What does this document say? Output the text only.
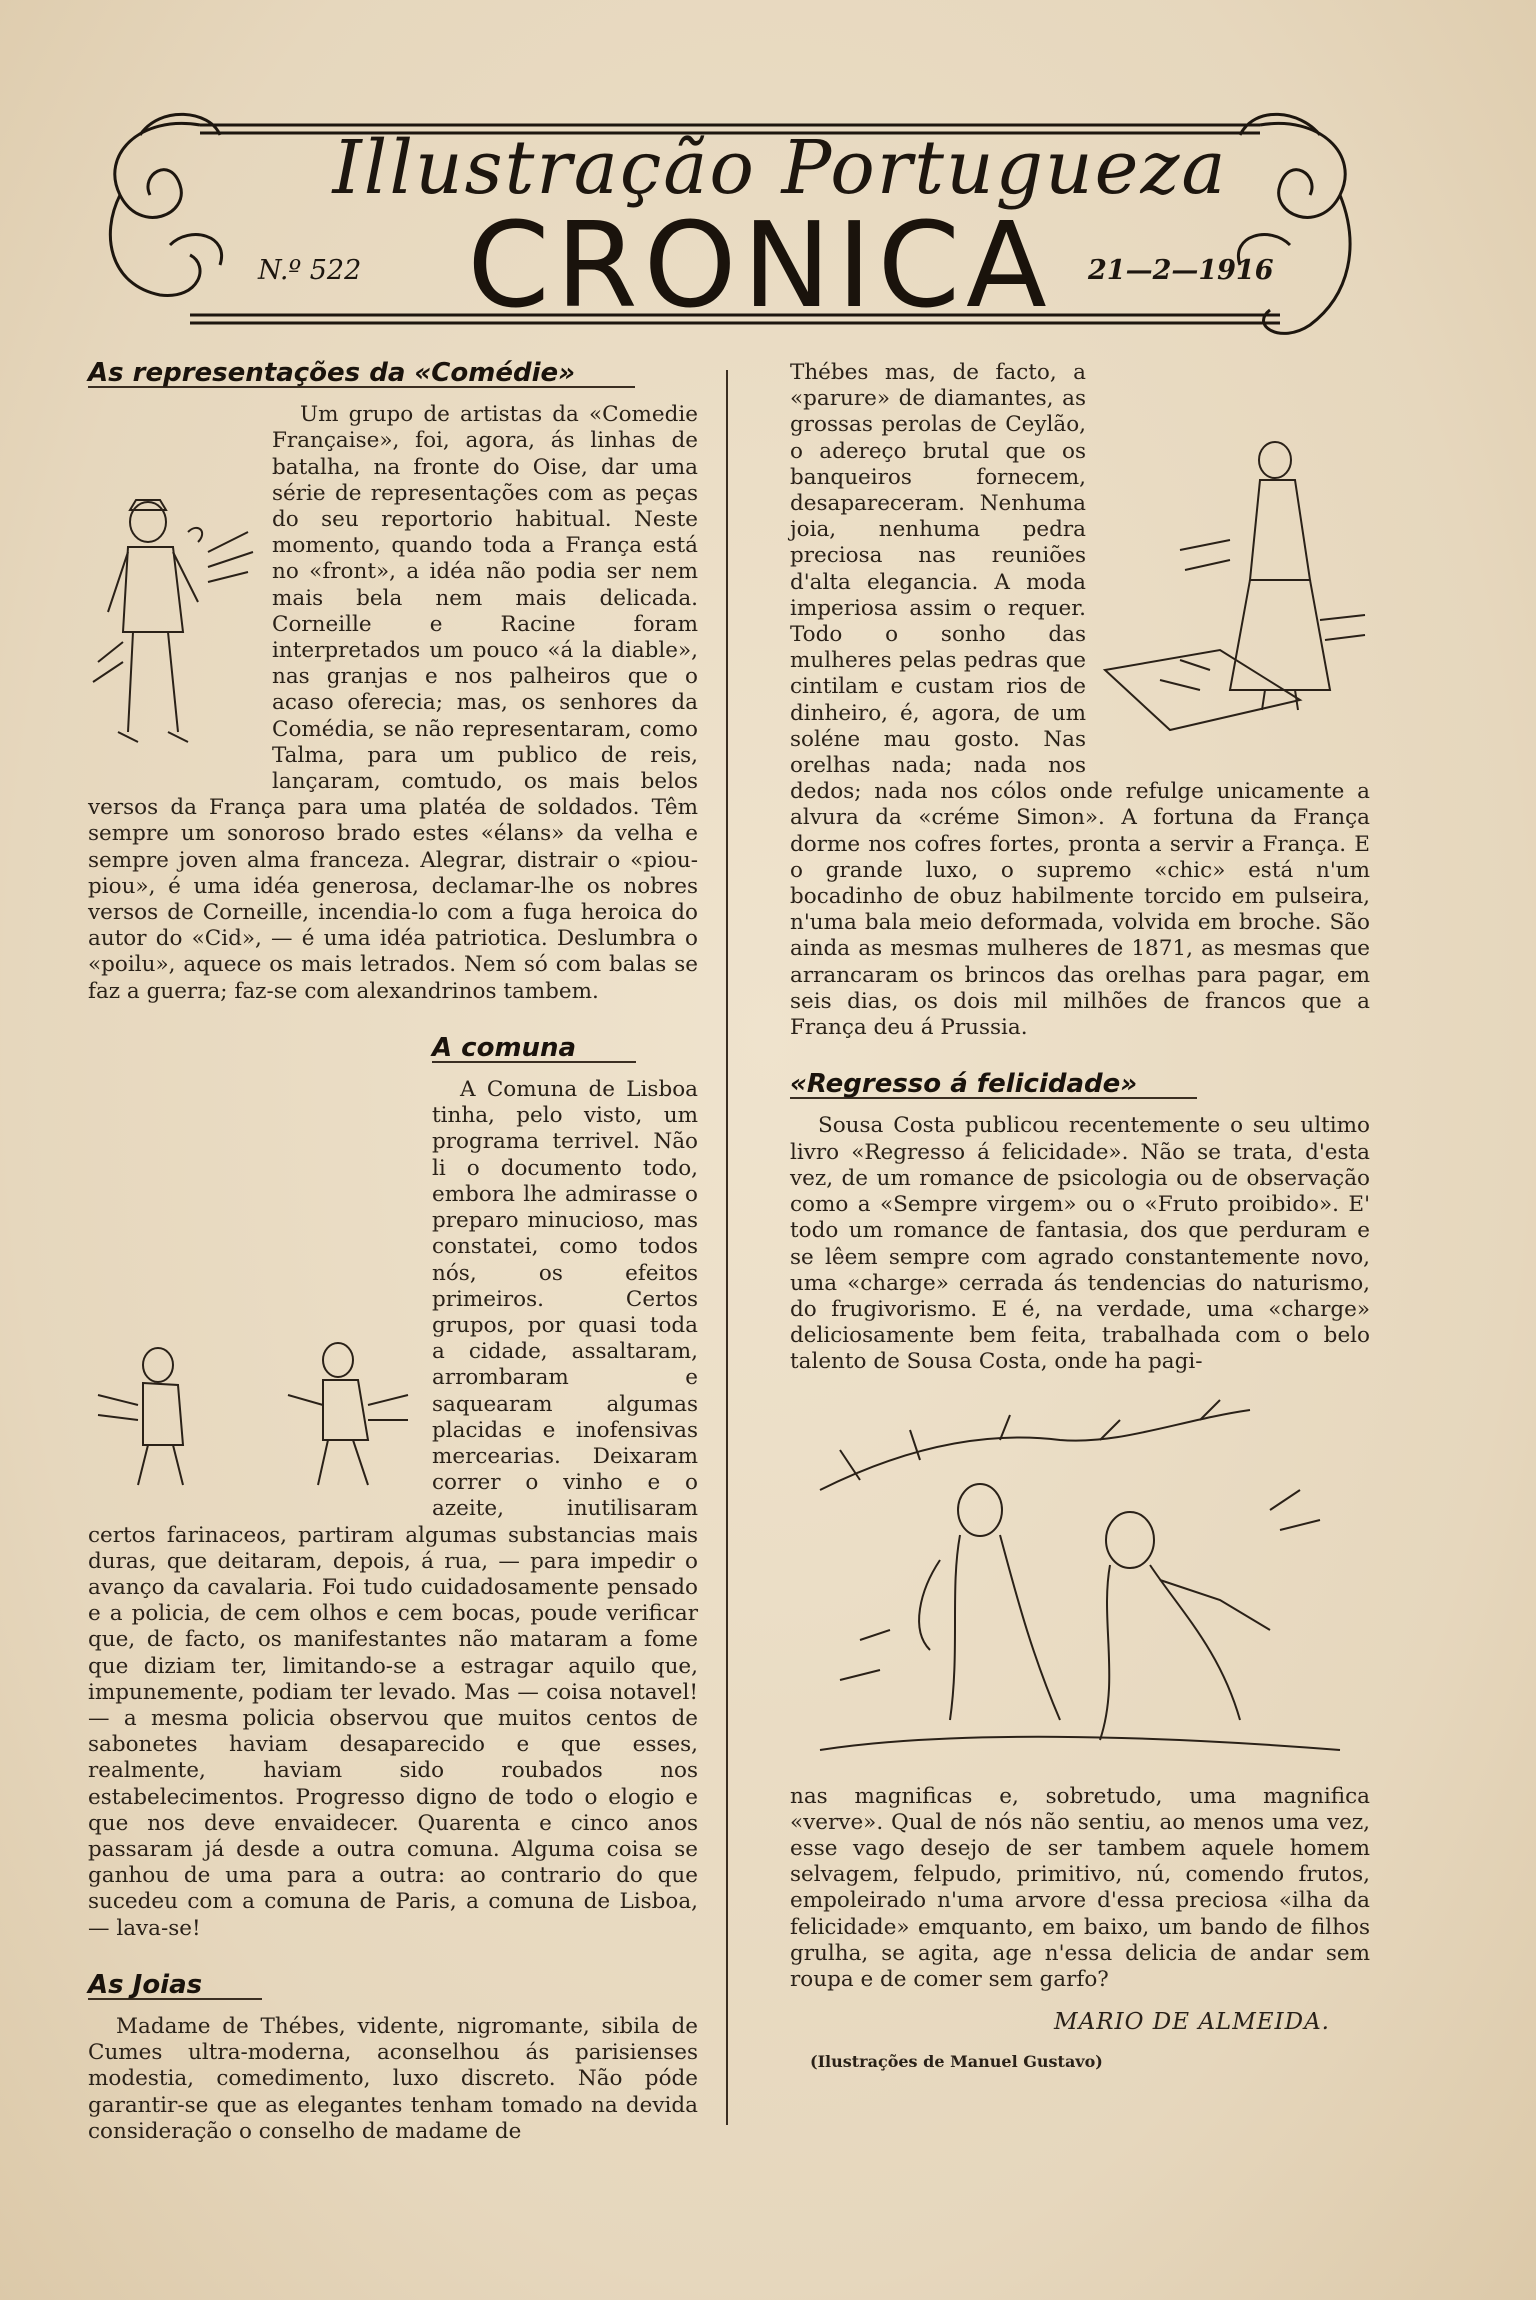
Illustração Portugueza
N.º 522 CRONICA	21—2—1916
As representações da «Comédie»

Um grupo de artistas da «Comedie Française», foi, agora, ás linhas de batalha, na fronte do Oise, dar uma série de representações com as peças do seu reportorio habitual. Neste momento, quando toda a França está no «front», a idéa não podia ser nem mais bela nem mais delicada. Corneille e Racine foram interpretados um pouco «á la diable», nas granjas e nos palheiros que o acaso oferecia; mas, os senhores da Comédia, se não representaram, como Talma, para um publico de reis, lançaram, comtudo, os mais belos versos da França para uma platéa de soldados. Têm sempre um sonoroso brado estes «élans» da velha e sempre joven alma franceza. Alegrar, distrair o «piou-piou», é uma idéa generosa, declamar-lhe os nobres versos de Corneille, incendia-lo com a fuga heroica do autor do «Cid», — é uma idéa patriotica. Deslumbra o «poilu», aquece os mais letrados. Nem só com balas se faz a guerra; faz-se com alexandrinos tambem.

A comuna

A Comuna de Lisboa tinha, pelo visto, um programa terrivel. Não li o documento todo, embora lhe admirasse o preparo minucioso, mas constatei, como todos nós, os efeitos primeiros. Certos grupos, por quasi toda a cidade, assaltaram, arrombaram e saquearam algumas placidas e inofensivas mercearias. Deixaram correr o vinho e o azeite, inutilisaram certos farinaceos, partiram algumas substancias mais duras, que deitaram, depois, á rua, — para impedir o avanço da cavalaria. Foi tudo cuidadosamente pensado e a policia, de cem olhos e cem bocas, poude verificar que, de facto, os manifestantes não mataram a fome que diziam ter, limitando-se a estragar aquilo que, impunemente, podiam ter levado. Mas — coisa notavel! — a mesma policia observou que muitos centos de sabonetes haviam desaparecido e que esses, realmente, haviam sido roubados nos estabelecimentos. Progresso digno de todo o elogio e que nos deve envaidecer. Quarenta e cinco anos passaram já desde a outra comuna. Alguma coisa se ganhou de uma para a outra: ao contrario do que sucedeu com a comuna de Paris, a comuna de Lisboa, — lava-se!

As Joias

Madame de Thébes, vidente, nigromante, sibila de Cumes ultra-moderna, aconselhou ás parisienses modestia, comedimento, luxo discreto. Não póde garantir-se que as elegantes tenham tomado na devida consideração o conselho de madame de

Thébes mas, de facto, a «parure» de diamantes, as grossas perolas de Ceylão, o adereço brutal que os banqueiros fornecem, desapareceram. Nenhuma joia, nenhuma pedra preciosa nas reuniões d'alta elegancia. A moda imperiosa assim o requer. Todo o sonho das mulheres pelas pedras que cintilam e custam rios de dinheiro, é, agora, de um soléne mau gosto. Nas orelhas nada; nada nos dedos; nada nos cólos onde refulge unicamente a alvura da «créme Simon». A fortuna da França dorme nos cofres fortes, pronta a servir a França. E o grande luxo, o supremo «chic» está n'um bocadinho de obuz habilmente torcido em pulseira, n'uma bala meio deformada, volvida em broche. São ainda as mesmas mulheres de 1871, as mesmas que arrancaram os brincos das orelhas para pagar, em seis dias, os dois mil milhões de francos que a França deu á Prussia.

«Regresso á felicidade»

Sousa Costa publicou recentemente o seu ultimo livro «Regresso á felicidade». Não se trata, d'esta vez, de um romance de psicologia ou de observação como a «Sempre virgem» ou o «Fruto proibido». E' todo um romance de fantasia, dos que perduram e se lêem sempre com agrado constantemente novo, uma «charge» cerrada ás tendencias do naturismo, do frugivorismo. E é, na verdade, uma «charge» deliciosamente bem feita, trabalhada com o belo talento de Sousa Costa, onde ha pagi-

nas magnificas e, sobretudo, uma magnifica «verve». Qual de nós não sentiu, ao menos uma vez, esse vago desejo de ser tambem aquele homem selvagem, felpudo, primitivo, nú, comendo frutos, empoleirado n'uma arvore d'essa preciosa «ilha da felicidade» emquanto, em baixo, um bando de filhos grulha, se agita, age n'essa delicia de andar sem roupa e de comer sem garfo?

MARIO DE ALMEIDA.
(Ilustrações de Manuel Gustavo)
